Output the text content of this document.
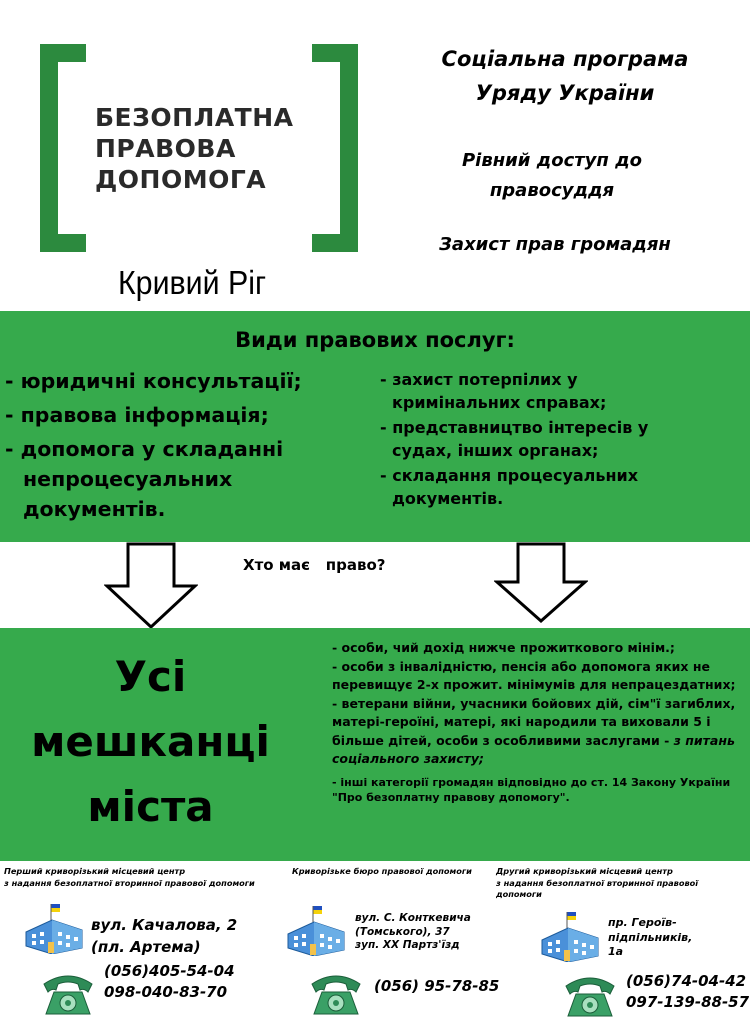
БЕЗОПЛАТНА
ПРАВОВА
ДОПОМОГА
Кривий Ріг
Соціальна програма
Уряду України
Рівний доступ до
правосуддя
Захист прав громадян
Види правових послуг:
- юридичні консультації;
- правова інформація;
- допомога у складанні непроцесуальних документів.
- захист потерпілих у кримінальних справах;
- представництво інтересів у судах, інших органах;
- складання процесуальних документів.
Хто має   право?
Усі
мешканці
міста
- особи, чий дохід нижче прожиткового мінім.;
- особи з інвалідністю, пенсія або допомога яких не перевищує 2-х прожит. мінімумів для непрацездатних;
- ветерани війни, учасники бойових дій, сім"ї загиблих, матері-героїні, матері, які народили та виховали 5 і більше дітей, особи з особливими заслугами - з питань соціального захисту;
- інші категорії громадян відповідно до ст. 14 Закону України "Про безоплатну правову допомогу".
Перший криворізький місцевий центр
з надання безоплатної вторинної правової допомоги
Криворізьке бюро правової допомоги	Другий криворізький місцевий центр
з надання безоплатної вторинної правової
допомоги
вул. Качалова, 2
(пл. Артема)
вул. С. Конткевича
(Томського), 37
зуп. ХХ Партз'їзд
пр. Героїв-підпільників,
1а
(056)405-54-04
098-040-83-70	(056) 95-78-85	(056)74-04-42
097-139-88-57
